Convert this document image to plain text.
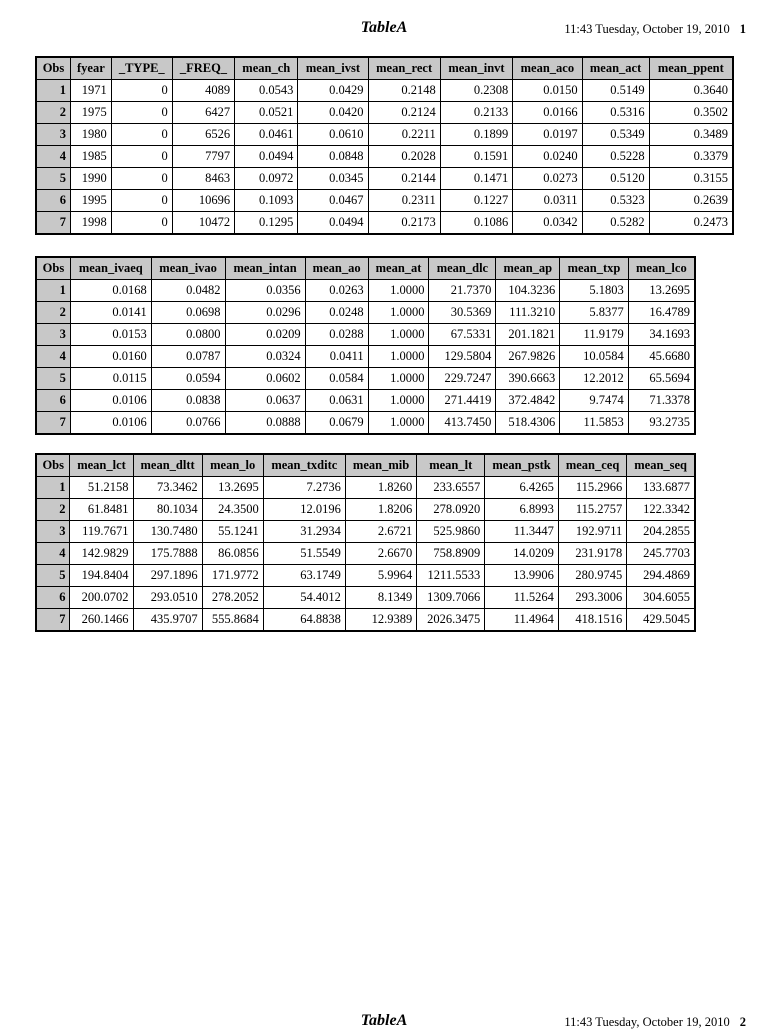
TableA	11:43 Tuesday, October 19, 2010 1
Obs	fyear	_TYPE_	_FREQ_	mean_ch	mean_ivst	mean_rect	mean_invt	mean_aco	mean_act	mean_ppent
1	1971	0	4089	0.0543	0.0429	0.2148	0.2308	0.0150	0.5149	0.3640
2	1975	0	6427	0.0521	0.0420	0.2124	0.2133	0.0166	0.5316	0.3502
3	1980	0	6526	0.0461	0.0610	0.2211	0.1899	0.0197	0.5349	0.3489
4	1985	0	7797	0.0494	0.0848	0.2028	0.1591	0.0240	0.5228	0.3379
5	1990	0	8463	0.0972	0.0345	0.2144	0.1471	0.0273	0.5120	0.3155
6	1995	0	10696	0.1093	0.0467	0.2311	0.1227	0.0311	0.5323	0.2639
7	1998	0	10472	0.1295	0.0494	0.2173	0.1086	0.0342	0.5282	0.2473
Obs	mean_ivaeq	mean_ivao	mean_intan	mean_ao	mean_at	mean_dlc	mean_ap	mean_txp	mean_lco
1	0.0168	0.0482	0.0356	0.0263	1.0000	21.7370	104.3236	5.1803	13.2695
2	0.0141	0.0698	0.0296	0.0248	1.0000	30.5369	111.3210	5.8377	16.4789
3	0.0153	0.0800	0.0209	0.0288	1.0000	67.5331	201.1821	11.9179	34.1693
4	0.0160	0.0787	0.0324	0.0411	1.0000	129.5804	267.9826	10.0584	45.6680
5	0.0115	0.0594	0.0602	0.0584	1.0000	229.7247	390.6663	12.2012	65.5694
6	0.0106	0.0838	0.0637	0.0631	1.0000	271.4419	372.4842	9.7474	71.3378
7	0.0106	0.0766	0.0888	0.0679	1.0000	413.7450	518.4306	11.5853	93.2735
Obs	mean_lct	mean_dltt	mean_lo	mean_txditc	mean_mib	mean_lt	mean_pstk	mean_ceq	mean_seq
1	51.2158	73.3462	13.2695	7.2736	1.8260	233.6557	6.4265	115.2966	133.6877
2	61.8481	80.1034	24.3500	12.0196	1.8206	278.0920	6.8993	115.2757	122.3342
3	119.7671	130.7480	55.1241	31.2934	2.6721	525.9860	11.3447	192.9711	204.2855
4	142.9829	175.7888	86.0856	51.5549	2.6670	758.8909	14.0209	231.9178	245.7703
5	194.8404	297.1896	171.9772	63.1749	5.9964	1211.5533	13.9906	280.9745	294.4869
6	200.0702	293.0510	278.2052	54.4012	8.1349	1309.7066	11.5264	293.3006	304.6055
7	260.1466	435.9707	555.8684	64.8838	12.9389	2026.3475	11.4964	418.1516	429.5045
TableA	11:43 Tuesday, October 19, 2010 2
